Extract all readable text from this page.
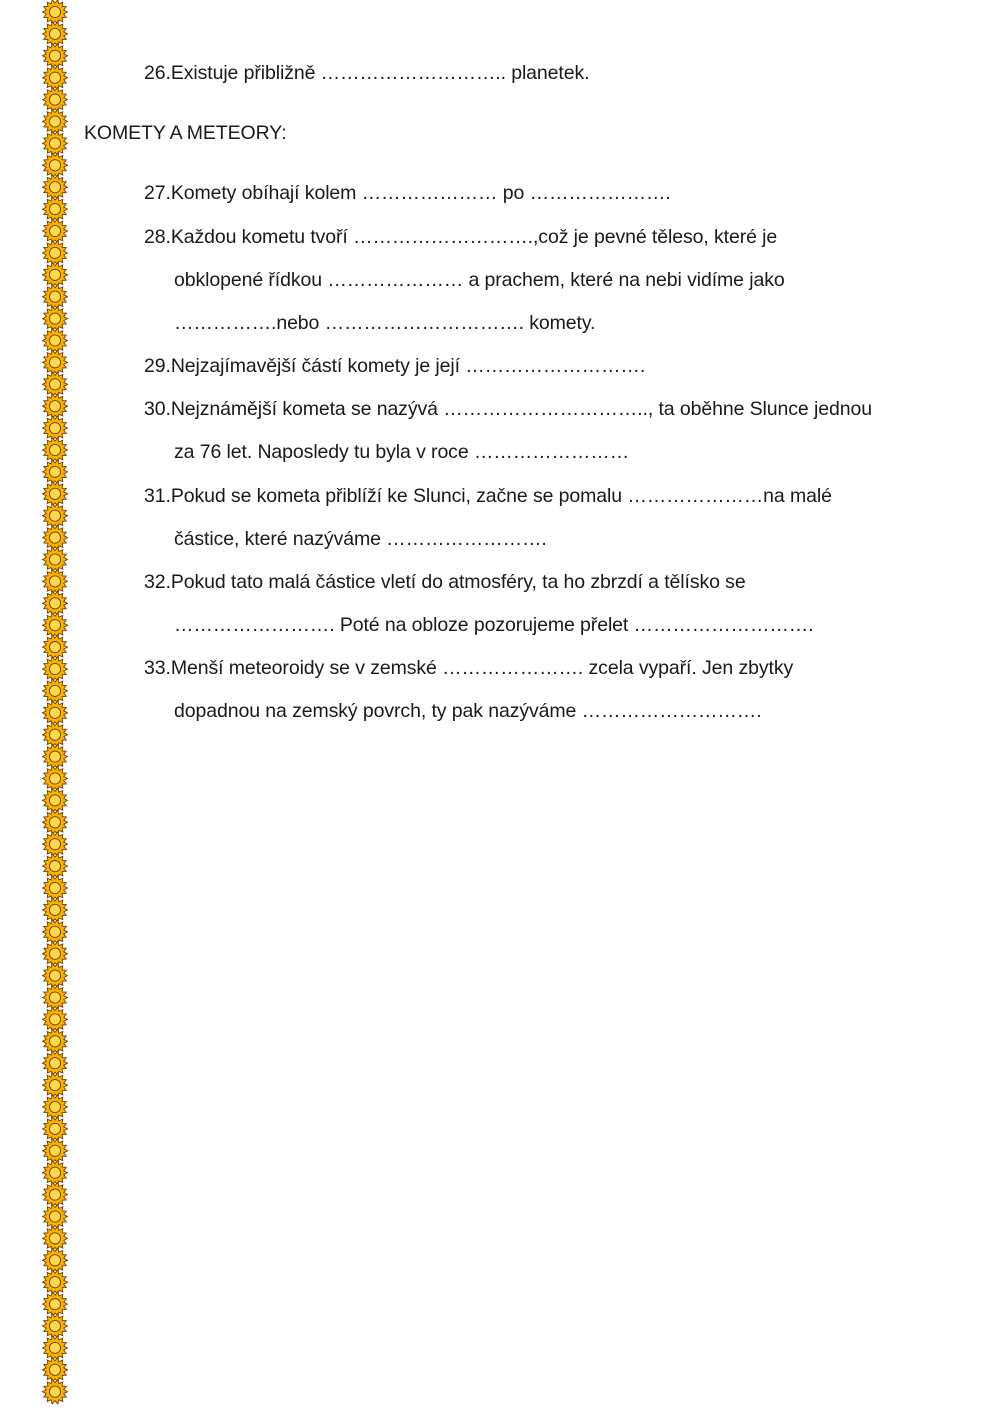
26.Existuje přibližně ……………………….. planetek.
KOMETY A METEORY:
27.Komety obíhají kolem ………………… po ………………….
28.Každou kometu tvoří ……………………….,což je pevné těleso, které je
obklopené řídkou ………………… a prachem, které na nebi vidíme jako
…………….nebo …………………………. komety.
29.Nejzajímavější částí komety je její ……………………….
30.Nejznámější kometa se nazývá ………………………….., ta oběhne Slunce jednou
za 76 let. Naposledy tu byla v roce ……………………
31.Pokud se kometa přiblíží ke Slunci, začne se pomalu …………………na malé
částice, které nazýváme …………………….
32.Pokud tato malá částice vletí do atmosféry, ta ho zbrzdí a tělísko se
……………………. Poté na obloze pozorujeme přelet ……………………….
33.Menší meteoroidy se v zemské …………………. zcela vypaří. Jen zbytky
dopadnou na zemský povrch, ty pak nazýváme ……………………….
